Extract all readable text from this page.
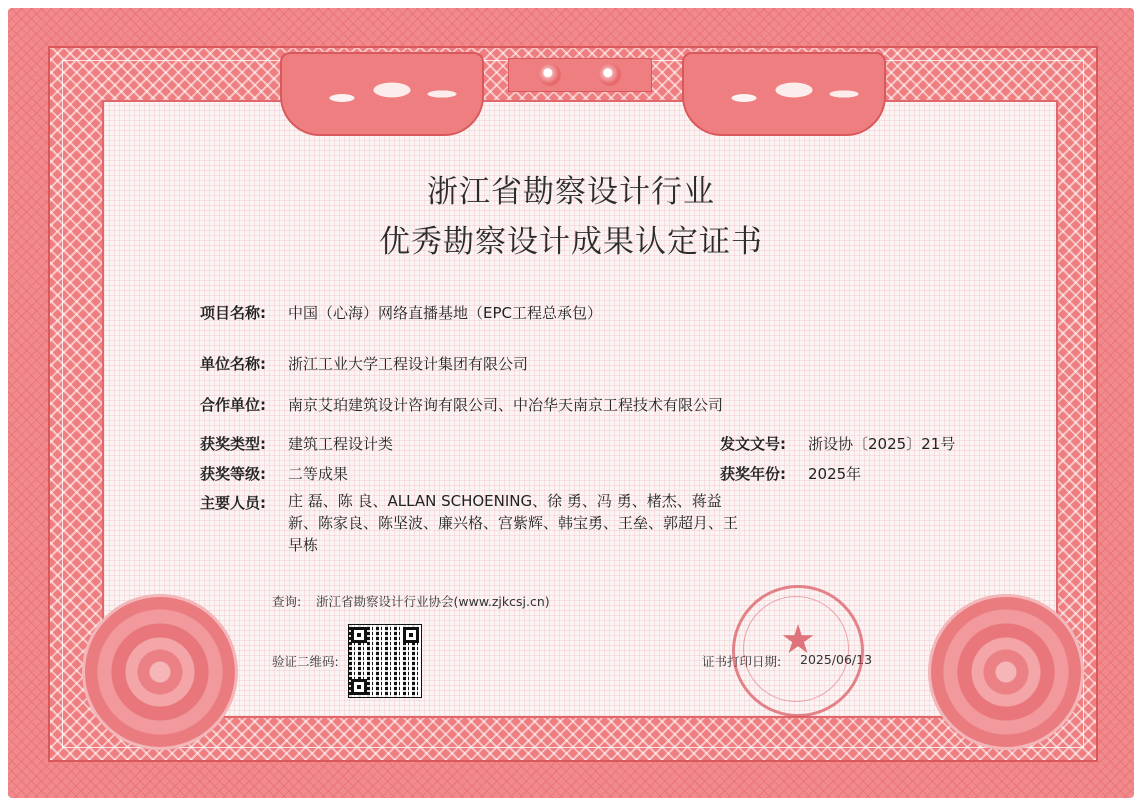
浙江省勘察设计行业
优秀勘察设计成果认定证书
项目名称: 中国（心海）网络直播基地（EPC工程总承包）
单位名称: 浙江工业大学工程设计集团有限公司
合作单位: 南京艾珀建筑设计咨询有限公司、中冶华天南京工程技术有限公司
获奖类型: 建筑工程设计类	发文文号: 浙设协〔2025〕21号
获奖等级: 二等成果	获奖年份: 2025年
主要人员: 庄 磊、陈 良、ALLAN SCHOENING、徐 勇、冯 勇、楮杰、蒋益新、陈家良、陈坚波、廉兴格、宫紫辉、韩宝勇、王垒、郭超月、王早栋
查询: 浙江省勘察设计行业协会(www.zjkcsj.cn)
验证二维码:	证书打印日期: 2025/06/13
★
